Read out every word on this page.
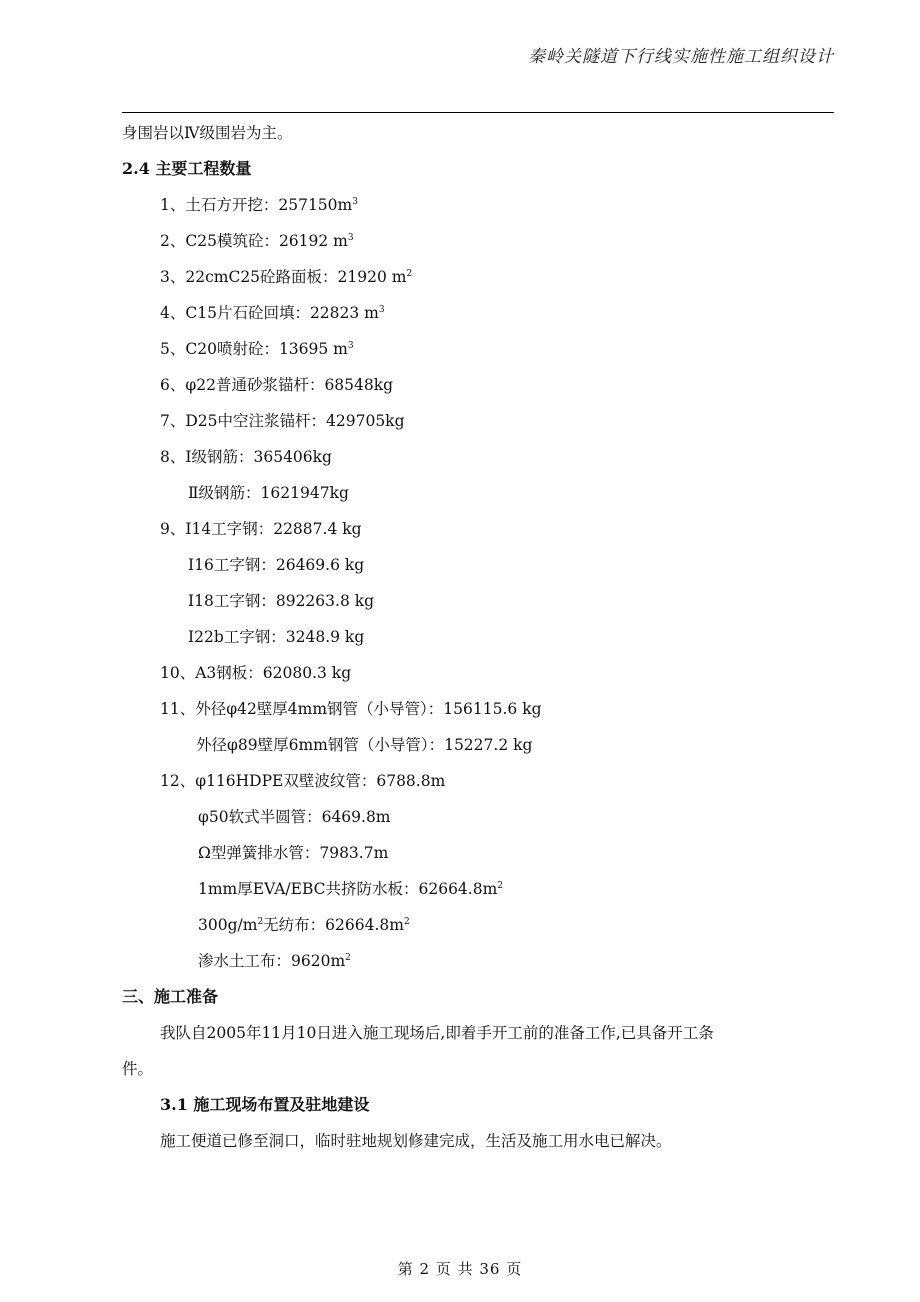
秦岭关隧道下行线实施性施工组织设计
身围岩以Ⅳ级围岩为主。
2.4 主要工程数量
1、土石方开挖：$257150m^3$
2、C25模筑砼：26192 $m^3$
3、22cmC25砼路面板：21920 $m^2$
4、C15片石砼回填：22823 $m^3$
5、C20喷射砼：13695 $m^3$
6、φ22普通砂浆锚杆：68548kg
7、D25中空注浆锚杆：429705kg
8、Ⅰ级钢筋：365406kg
Ⅱ级钢筋：1621947kg
9、I14工字钢：22887.4 kg
I16工字钢：26469.6 kg
I18工字钢：892263.8 kg
I22b工字钢：3248.9 kg
10、A3钢板：62080.3 kg
11、外径φ42壁厚4mm钢管（小导管）：156115.6 kg
外径φ89壁厚6mm钢管（小导管）：15227.2 kg
12、φ116HDPE双壁波纹管：6788.8m
φ50软式半圆管：6469.8m
Ω型弹簧排水管：7983.7m
1mm厚EVA/EBC共挤防水板：$62664.8m^2$
$300g/m^2$无纺布：$62664.8m^2$
渗水土工布：$9620m^2$
三、施工准备
我队自2005年11月10日进入施工现场后,即着手开工前的准备工作,已具备开工条
件。
3.1 施工现场布置及驻地建设
施工便道已修至洞口，临时驻地规划修建完成，生活及施工用水电已解决。
第 2 页 共 36 页
